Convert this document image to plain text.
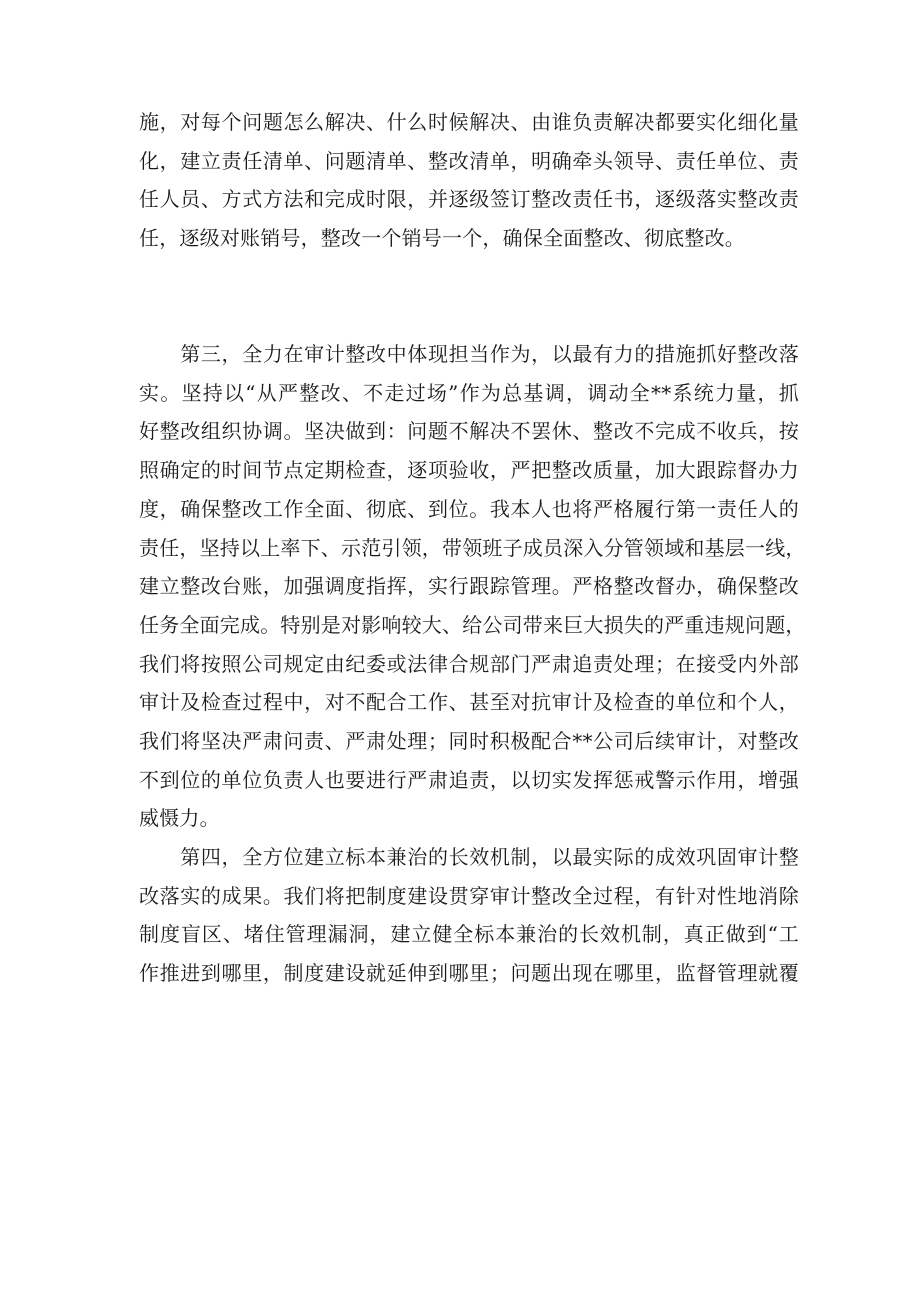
施，对每个问题怎么解决、什么时候解决、由谁负责解决都要实化细化量
化，建立责任清单、问题清单、整改清单，明确牵头领导、责任单位、责
任人员、方式方法和完成时限，并逐级签订整改责任书，逐级落实整改责
任，逐级对账销号，整改一个销号一个，确保全面整改、彻底整改。
　　第三，全力在审计整改中体现担当作为，以最有力的措施抓好整改落
实。坚持以“从严整改、不走过场”作为总基调，调动全**系统力量，抓
好整改组织协调。坚决做到：问题不解决不罢休、整改不完成不收兵，按
照确定的时间节点定期检查，逐项验收，严把整改质量，加大跟踪督办力
度，确保整改工作全面、彻底、到位。我本人也将严格履行第一责任人的
责任，坚持以上率下、示范引领，带领班子成员深入分管领域和基层一线，
建立整改台账，加强调度指挥，实行跟踪管理。严格整改督办，确保整改
任务全面完成。特别是对影响较大、给公司带来巨大损失的严重违规问题，
我们将按照公司规定由纪委或法律合规部门严肃追责处理；在接受内外部
审计及检查过程中，对不配合工作、甚至对抗审计及检查的单位和个人，
我们将坚决严肃问责、严肃处理；同时积极配合**公司后续审计，对整改
不到位的单位负责人也要进行严肃追责，以切实发挥惩戒警示作用，增强
威慑力。
　　第四，全方位建立标本兼治的长效机制，以最实际的成效巩固审计整
改落实的成果。我们将把制度建设贯穿审计整改全过程，有针对性地消除
制度盲区、堵住管理漏洞，建立健全标本兼治的长效机制，真正做到“工
作推进到哪里，制度建设就延伸到哪里；问题出现在哪里，监督管理就覆
